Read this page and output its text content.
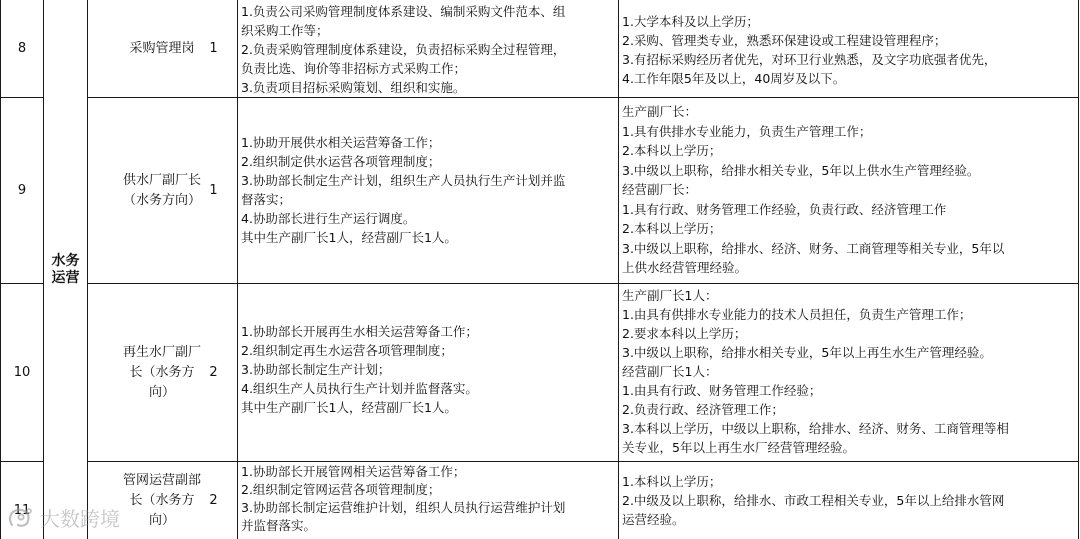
水务
运营
8	采购管理岗	1
1.负责公司采购管理制度体系建设、编制采购文件范本、组
织采购工作等；
2.负责采购管理制度体系建设，负责招标采购全过程管理，
负责比选、询价等非招标方式采购工作；
3.负责项目招标采购策划、组织和实施。
1.大学本科及以上学历；
2.采购、管理类专业，熟悉环保建设或工程建设管理程序；
3.有招标采购经历者优先，对环卫行业熟悉，及文字功底强者优先，
4.工作年限5年及以上，40周岁及以下。
9
供水厂副厂长
（水务方向）
1
1.协助开展供水相关运营筹备工作；
2.组织制定供水运营各项管理制度；
3.协助部长制定生产计划，组织生产人员执行生产计划并监
督落实；
4.协助部长进行生产运行调度。
其中生产副厂长1人，经营副厂长1人。
生产副厂长：
1.具有供排水专业能力，负责生产管理工作；
2.本科以上学历；
3.中级以上职称，给排水相关专业，5年以上供水生产管理经验。
经营副厂长：
1.具有行政、财务管理工作经验，负责行政、经济管理工作
2.本科以上学历；
3.中级以上职称，给排水、经济、财务、工商管理等相关专业，5年以
上供水经营管理经验。
10
再生水厂副厂
长（水务方
向）
2
1.协助部长开展再生水相关运营筹备工作；
2.组织制定再生水运营各项管理制度；
3.协助部长制定生产计划；
4.组织生产人员执行生产计划并监督落实。
其中生产副厂长1人，经营副厂长1人。
生产副厂长1人：
1.由具有供排水专业能力的技术人员担任，负责生产管理工作；
2.要求本科以上学历；
3.中级以上职称，给排水相关专业，5年以上再生水生产管理经验。
经营副厂长1人：
1.由具有行政、财务管理工作经验；
2.负责行政、经济管理工作；
3.本科以上学历，中级以上职称，给排水、经济、财务、工商管理等相
关专业，5年以上再生水厂经营管理经验。
11
管网运营副部
长（水务方
向）
2
1.协助部长开展管网相关运营筹备工作；
2.组织制定管网运营各项管理制度；
3.协助部长制定运营维护计划，组织人员执行运营维护计划
并监督落实。
1.本科以上学历；
2.中级及以上职称，给排水、市政工程相关专业，5年以上给排水管网
运营经验。
大数跨境
